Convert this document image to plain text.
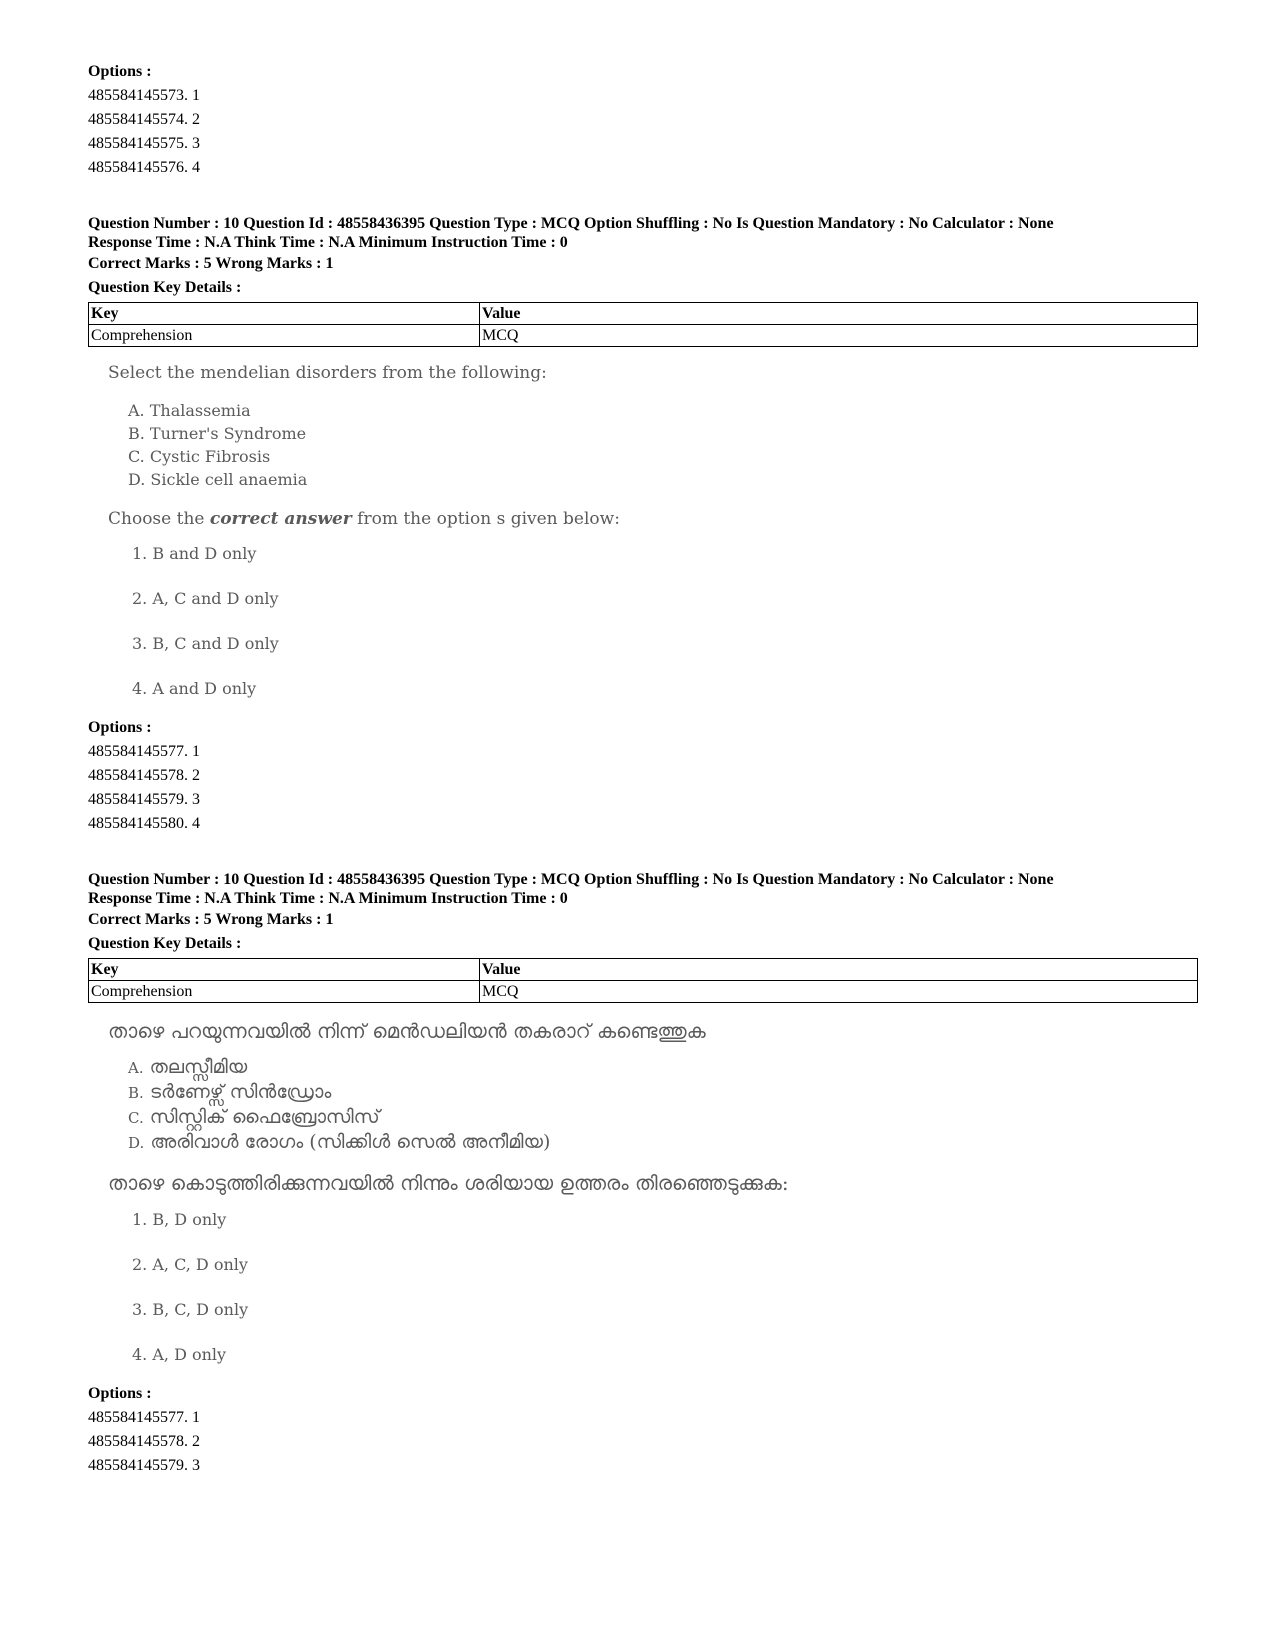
Options :
485584145573. 1
485584145574. 2
485584145575. 3
485584145576. 4
Question Number : 10 Question Id : 48558436395 Question Type : MCQ Option Shuffling : No Is Question Mandatory : No Calculator : None
Response Time : N.A Think Time : N.A Minimum Instruction Time : 0
Correct Marks : 5 Wrong Marks : 1
Question Key Details :
Key	Value
Comprehension	MCQ
Select the mendelian disorders from the following:
A. Thalassemia
B. Turner's Syndrome
C. Cystic Fibrosis
D. Sickle cell anaemia
Choose the correct answer from the option s given below:
1. B and D only
2. A, C and D only
3. B, C and D only
4. A and D only
Options :
485584145577. 1
485584145578. 2
485584145579. 3
485584145580. 4
Question Number : 10 Question Id : 48558436395 Question Type : MCQ Option Shuffling : No Is Question Mandatory : No Calculator : None
Response Time : N.A Think Time : N.A Minimum Instruction Time : 0
Correct Marks : 5 Wrong Marks : 1
Question Key Details :
Key	Value
Comprehension	MCQ
താഴെ പറയുന്നവയിൽ നിന്ന് മെൻഡലിയൻ തകരാറ് കണ്ടെത്തുക
A. തലസ്സീമിയ
B. ടർണേഴ്സ് സിൻഡ്രോം
C. സിസ്റ്റിക് ഫൈബ്രോസിസ്
D. അരിവാൾ രോഗം (സിക്കിൾ സെൽ അനീമിയ)
താഴെ കൊടുത്തിരിക്കുന്നവയിൽ നിന്നും ശരിയായ ഉത്തരം തിരഞ്ഞെടുക്കുക:
1. B, D only
2. A, C, D only
3. B, C, D only
4. A, D only
Options :
485584145577. 1
485584145578. 2
485584145579. 3
